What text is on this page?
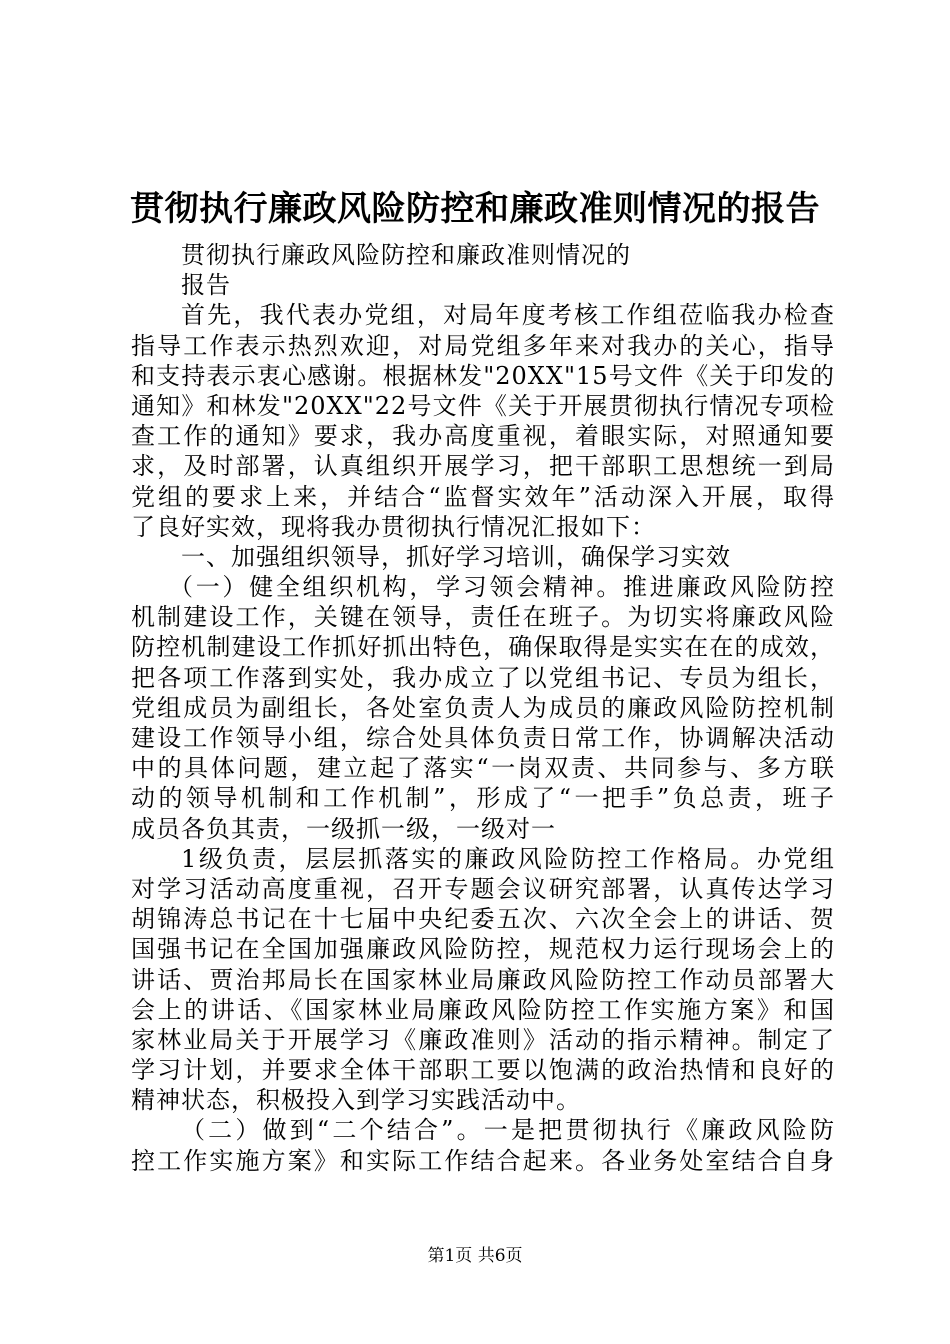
贯彻执行廉政风险防控和廉政准则情况的报告
贯彻执行廉政风险防控和廉政准则情况的
报告
首先，我代表办党组，对局年度考核工作组莅临我办检查
指导工作表示热烈欢迎，对局党组多年来对我办的关心，指导
和支持表示衷心感谢。根据林发"20XX"15号文件《关于印发的
通知》和林发"20XX"22号文件《关于开展贯彻执行情况专项检
查工作的通知》要求，我办高度重视，着眼实际，对照通知要
求，及时部署，认真组织开展学习，把干部职工思想统一到局
党组的要求上来，并结合“监督实效年”活动深入开展，取得
了良好实效，现将我办贯彻执行情况汇报如下：
一、加强组织领导，抓好学习培训，确保学习实效
（一）健全组织机构，学习领会精神。推进廉政风险防控
机制建设工作，关键在领导，责任在班子。为切实将廉政风险
防控机制建设工作抓好抓出特色，确保取得是实实在在的成效，
把各项工作落到实处，我办成立了以党组书记、专员为组长，
党组成员为副组长，各处室负责人为成员的廉政风险防控机制
建设工作领导小组，综合处具体负责日常工作，协调解决活动
中的具体问题，建立起了落实“一岗双责、共同参与、多方联
动的领导机制和工作机制”，形成了“一把手”负总责，班子
成员各负其责，一级抓一级，一级对一
1级负责，层层抓落实的廉政风险防控工作格局。办党组
对学习活动高度重视，召开专题会议研究部署，认真传达学习
胡锦涛总书记在十七届中央纪委五次、六次全会上的讲话、贺
国强书记在全国加强廉政风险防控，规范权力运行现场会上的
讲话、贾治邦局长在国家林业局廉政风险防控工作动员部署大
会上的讲话、《国家林业局廉政风险防控工作实施方案》和国
家林业局关于开展学习《廉政准则》活动的指示精神。制定了
学习计划，并要求全体干部职工要以饱满的政治热情和良好的
精神状态，积极投入到学习实践活动中。
（二）做到“二个结合”。一是把贯彻执行《廉政风险防
控工作实施方案》和实际工作结合起来。各业务处室结合自身
第1页 共6页
